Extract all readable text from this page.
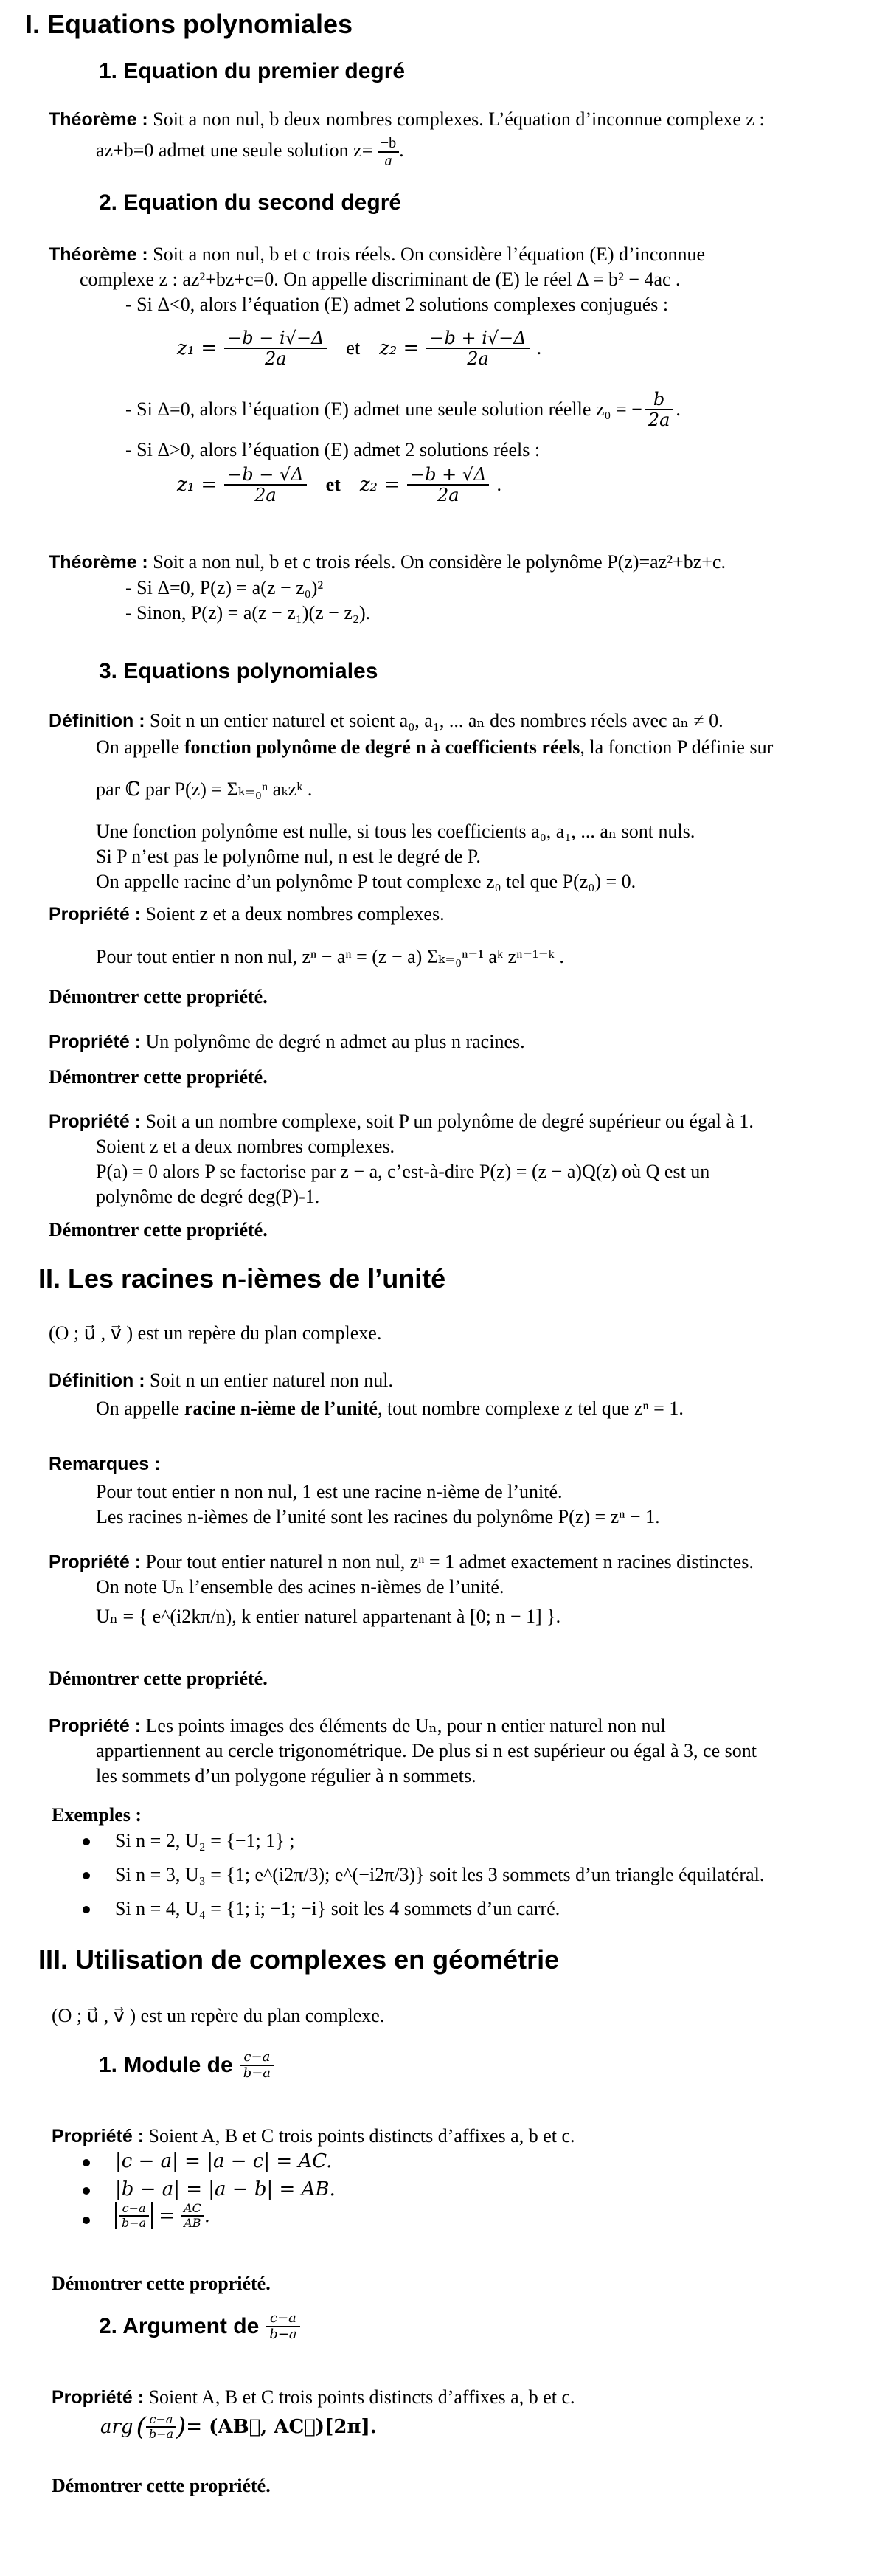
I. Equations polynomiales
1. Equation du premier degré
Théorème : Soit a non nul, b deux nombres complexes. L’équation d’inconnue complexe z :
az+b=0 admet une seule solution $z= \frac{-b}{a}$ .
2. Equation du second degré
Théorème : Soit a non nul, b et c trois réels. On considère l’équation (E) d’inconnue
complexe z : az²+bz+c=0. On appelle discriminant de (E) le réel Δ = b² − 4ac .
- Si Δ<0, alors l’équation (E) admet 2 solutions complexes conjugués :
$z_1 = \frac{-b - i√-\Delta}{2a}$ et $z_2 = \frac{-b + i√-\Delta}{2a}$ .
- Si Δ=0, alors l’équation (E) admet une seule solution réelle z₀ = − $\frac{b}{2a}$ .
- Si Δ>0, alors l’équation (E) admet 2 solutions réels :
$z_1 = \frac{-b - √\Delta}{2a}$ et $z_2 = \frac{-b + √\Delta}{2a}$ .
Théorème : Soit a non nul, b et c trois réels. On considère le polynôme P(z)=az²+bz+c.
- Si Δ=0, P(z) = a(z − z₀)²
- Sinon, P(z) = a(z − z₁)(z − z₂).
3. Equations polynomiales
Définition : Soit n un entier naturel et soient a₀, a₁, ... aₙ des nombres réels avec aₙ ≠ 0.
On appelle fonction polynôme de degré n à coefficients réels, la fonction P définie sur
par ℂ par P(z) = Σₖ₌₀ⁿ aₖzᵏ .
Une fonction polynôme est nulle, si tous les coefficients a₀, a₁, ... aₙ sont nuls.
Si P n’est pas le polynôme nul, n est le degré de P.
On appelle racine d’un polynôme P tout complexe z₀ tel que P(z₀) = 0.
Propriété : Soient z et a deux nombres complexes.
Pour tout entier n non nul, zⁿ − aⁿ = (z − a) Σₖ₌₀ⁿ⁻¹ aᵏ zⁿ⁻¹⁻ᵏ .
Démontrer cette propriété.
Propriété : Un polynôme de degré n admet au plus n racines.
Démontrer cette propriété.
Propriété : Soit a un nombre complexe, soit P un polynôme de degré supérieur ou égal à 1.
Soient z et a deux nombres complexes.
P(a) = 0 alors P se factorise par z − a, c’est-à-dire P(z) = (z − a)Q(z) où Q est un
polynôme de degré deg(P)-1.
Démontrer cette propriété.
II. Les racines n-ièmes de l’unité
(O ; u⃗ , v⃗ ) est un repère du plan complexe.
Définition : Soit n un entier naturel non nul.
On appelle racine n-ième de l’unité, tout nombre complexe z tel que zⁿ = 1.
Remarques :
Pour tout entier n non nul, 1 est une racine n-ième de l’unité.
Les racines n-ièmes de l’unité sont les racines du polynôme P(z) = zⁿ − 1.
Propriété : Pour tout entier naturel n non nul, zⁿ = 1 admet exactement n racines distinctes.
On note Uₙ l’ensemble des acines n-ièmes de l’unité.
Uₙ = { e^(i2kπ/n), k entier naturel appartenant à [0; n − 1] }.
Démontrer cette propriété.
Propriété : Les points images des éléments de Uₙ, pour n entier naturel non nul
appartiennent au cercle trigonométrique. De plus si n est supérieur ou égal à 3, ce sont
les sommets d’un polygone régulier à n sommets.
Exemples :
Si n = 2, U₂ = {−1; 1} ;
Si n = 3, U₃ = {1; e^(i2π/3); e^(−i2π/3)} soit les 3 sommets d’un triangle équilatéral.
Si n = 4, U₄ = {1; i; −1; −i} soit les 4 sommets d’un carré.
III. Utilisation de complexes en géométrie
(O ; u⃗ , v⃗ ) est un repère du plan complexe.
1. Module de $\frac{c-a}{b-a}$
Propriété : Soient A, B et C trois points distincts d’affixes a, b et c.
|c − a| = |a − c| = AC.
|b − a| = |a − b| = AB.
$\frac{c-a}{b-a} = \frac{AC}{AB}$ .
Démontrer cette propriété.
2. Argument de $\frac{c-a}{b-a}$
Propriété : Soient A, B et C trois points distincts d’affixes a, b et c.
arg ( $\frac{c-a}{b-a}$ ) = (AB⃗, AC⃗)[2π].
Démontrer cette propriété.
